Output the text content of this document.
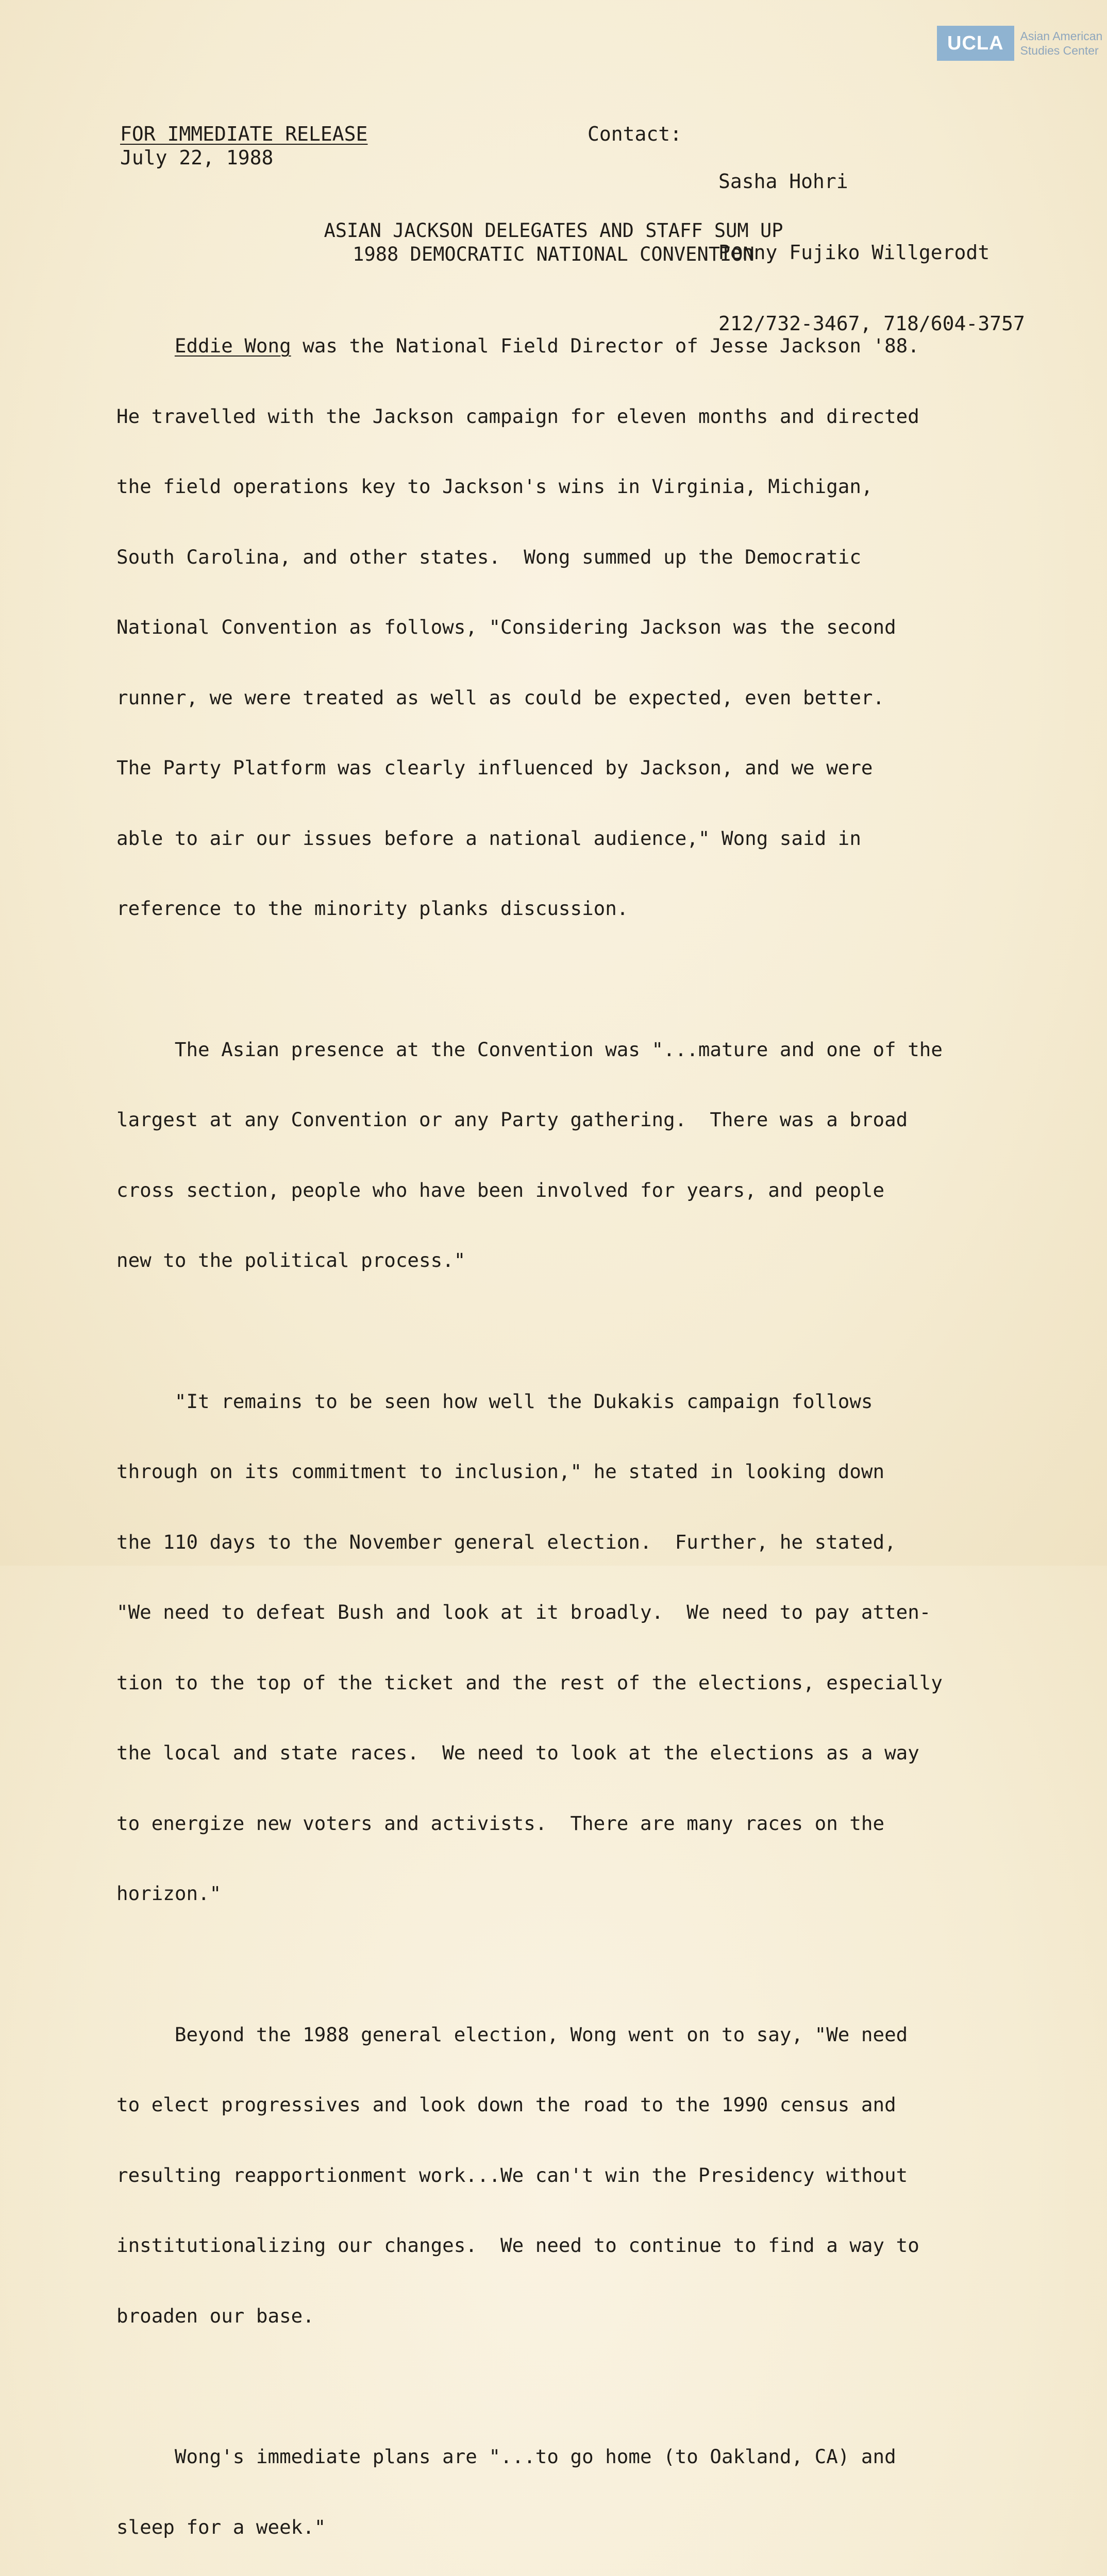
UCLA	Asian American
Studies Center
FOR IMMEDIATE RELEASE
July 22, 1988
Contact:

Sasha Hohri

Penny Fujiko Willgerodt

212/732-3467, 718/604-3757

ASIAN JACKSON DELEGATES AND STAFF SUM UP
1988 DEMOCRATIC NATIONAL CONVENTION

Eddie Wong was the National Field Director of Jesse Jackson '88.

He travelled with the Jackson campaign for eleven months and directed

the field operations key to Jackson's wins in Virginia, Michigan,

South Carolina, and other states.  Wong summed up the Democratic

National Convention as follows, "Considering Jackson was the second

runner, we were treated as well as could be expected, even better.

The Party Platform was clearly influenced by Jackson, and we were

able to air our issues before a national audience," Wong said in

reference to the minority planks discussion.

The Asian presence at the Convention was "...mature and one of the

largest at any Convention or any Party gathering.  There was a broad

cross section, people who have been involved for years, and people

new to the political process."

"It remains to be seen how well the Dukakis campaign follows

through on its commitment to inclusion," he stated in looking down

the 110 days to the November general election.  Further, he stated,

"We need to defeat Bush and look at it broadly.  We need to pay atten-

tion to the top of the ticket and the rest of the elections, especially

the local and state races.  We need to look at the elections as a way

to energize new voters and activists.  There are many races on the

horizon."

Beyond the 1988 general election, Wong went on to say, "We need

to elect progressives and look down the road to the 1990 census and

resulting reapportionment work...We can't win the Presidency without

institutionalizing our changes.  We need to continue to find a way to

broaden our base.

Wong's immediate plans are "...to go home (to Oakland, CA) and

sleep for a week."
